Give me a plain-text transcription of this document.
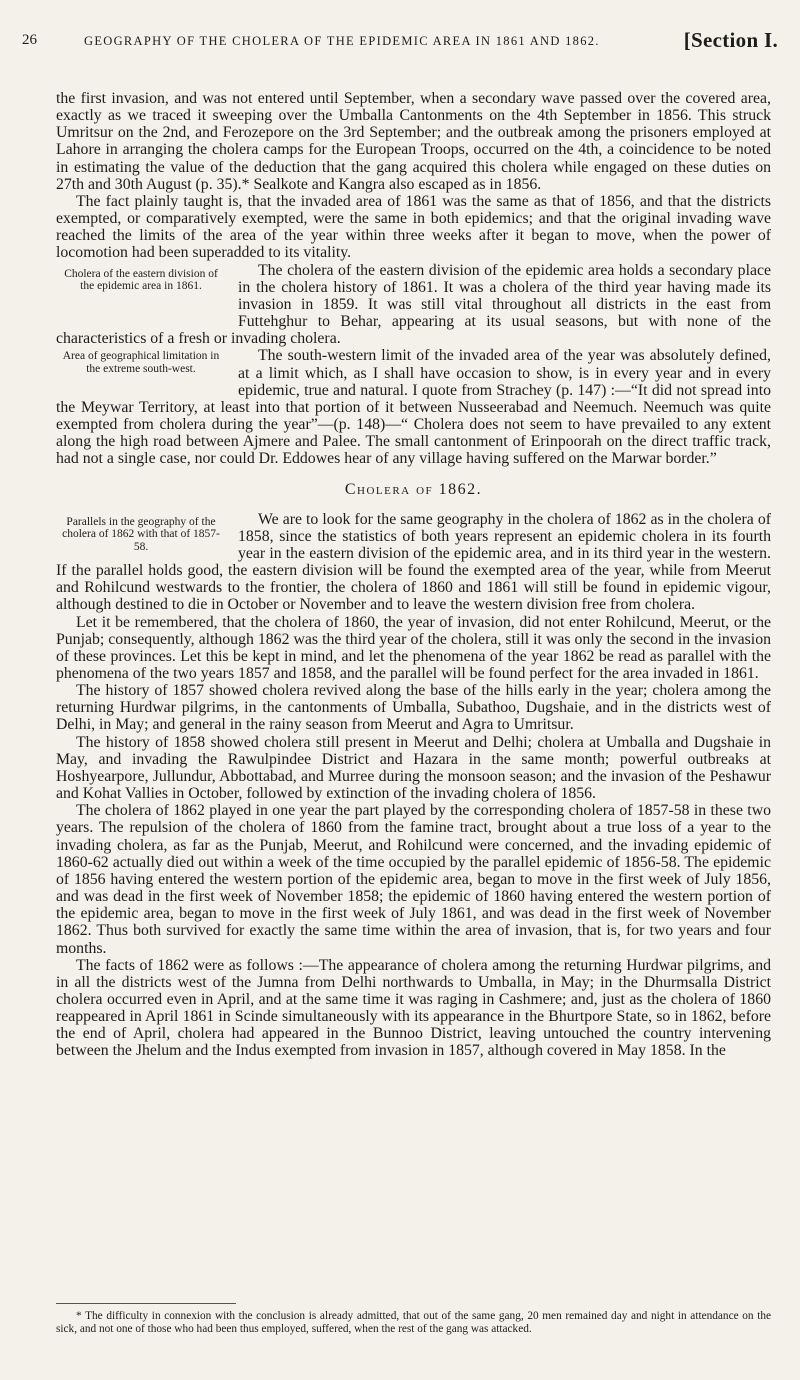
26	GEOGRAPHY OF THE CHOLERA OF THE EPIDEMIC AREA IN 1861 AND 1862.	[Section I.

the first invasion, and was not entered until September, when a secondary wave passed over the covered area, exactly as we traced it sweeping over the Umballa Cantonments on the 4th September in 1856. This struck Umritsur on the 2nd, and Ferozepore on the 3rd September; and the outbreak among the prisoners employed at Lahore in arranging the cholera camps for the European Troops, occurred on the 4th, a coincidence to be noted in estimating the value of the deduction that the gang acquired this cholera while engaged on these duties on 27th and 30th August (p. 35).* Sealkote and Kangra also escaped as in 1856.

The fact plainly taught is, that the invaded area of 1861 was the same as that of 1856, and that the districts exempted, or comparatively exempted, were the same in both epidemics; and that the original invading wave reached the limits of the area of the year within three weeks after it began to move, when the power of locomotion had been superadded to its vitality.

Cholera of the eastern division of the epidemic area in 1861.

The cholera of the eastern division of the epidemic area holds a secondary place in the cholera history of 1861. It was a cholera of the third year having made its invasion in 1859. It was still vital throughout all districts in the east from Futtehghur to Behar, appearing at its usual seasons, but with none of the characteristics of a fresh or invading cholera.

Area of geographical limitation in the extreme south-west.

The south-western limit of the invaded area of the year was absolutely defined, at a limit which, as I shall have occasion to show, is in every year and in every epidemic, true and natural. I quote from Strachey (p. 147) :—“It did not spread into the Meywar Territory, at least into that portion of it between Nusseerabad and Neemuch. Neemuch was quite exempted from cholera during the year”—(p. 148)—“ Cholera does not seem to have prevailed to any extent along the high road between Ajmere and Palee. The small cantonment of Erinpoorah on the direct traffic track, had not a single case, nor could Dr. Eddowes hear of any village having suffered on the Marwar border.”

Cholera of 1862.
Parallels in the geography of the cholera of 1862 with that of 1857-58.

We are to look for the same geography in the cholera of 1862 as in the cholera of 1858, since the statistics of both years represent an epidemic cholera in its fourth year in the eastern division of the epidemic area, and in its third year in the western. If the parallel holds good, the eastern division will be found the exempted area of the year, while from Meerut and Rohilcund westwards to the frontier, the cholera of 1860 and 1861 will still be found in epidemic vigour, although destined to die in October or November and to leave the western division free from cholera.

Let it be remembered, that the cholera of 1860, the year of invasion, did not enter Rohilcund, Meerut, or the Punjab; consequently, although 1862 was the third year of the cholera, still it was only the second in the invasion of these provinces. Let this be kept in mind, and let the phenomena of the year 1862 be read as parallel with the phenomena of the two years 1857 and 1858, and the parallel will be found perfect for the area invaded in 1861.

The history of 1857 showed cholera revived along the base of the hills early in the year; cholera among the returning Hurdwar pilgrims, in the cantonments of Umballa, Subathoo, Dugshaie, and in the districts west of Delhi, in May; and general in the rainy season from Meerut and Agra to Umritsur.

The history of 1858 showed cholera still present in Meerut and Delhi; cholera at Umballa and Dugshaie in May, and invading the Rawulpindee District and Hazara in the same month; powerful outbreaks at Hoshyearpore, Jullundur, Abbottabad, and Murree during the monsoon season; and the invasion of the Peshawur and Kohat Vallies in October, followed by extinction of the invading cholera of 1856.

The cholera of 1862 played in one year the part played by the corresponding cholera of 1857-58 in these two years. The repulsion of the cholera of 1860 from the famine tract, brought about a true loss of a year to the invading cholera, as far as the Punjab, Meerut, and Rohilcund were concerned, and the invading epidemic of 1860-62 actually died out within a week of the time occupied by the parallel epidemic of 1856-58. The epidemic of 1856 having entered the western portion of the epidemic area, began to move in the first week of July 1856, and was dead in the first week of November 1858; the epidemic of 1860 having entered the western portion of the epidemic area, began to move in the first week of July 1861, and was dead in the first week of November 1862. Thus both survived for exactly the same time within the area of invasion, that is, for two years and four months.

The facts of 1862 were as follows :—The appearance of cholera among the returning Hurdwar pilgrims, and in all the districts west of the Jumna from Delhi northwards to Umballa, in May; in the Dhurmsalla District cholera occurred even in April, and at the same time it was raging in Cashmere; and, just as the cholera of 1860 reappeared in April 1861 in Scinde simultaneously with its appearance in the Bhurtpore State, so in 1862, before the end of April, cholera had appeared in the Bunnoo District, leaving untouched the country intervening between the Jhelum and the Indus exempted from invasion in 1857, although covered in May 1858. In the

* The difficulty in connexion with the conclusion is already admitted, that out of the same gang, 20 men remained day and night in attendance on the sick, and not one of those who had been thus employed, suffered, when the rest of the gang was attacked.
